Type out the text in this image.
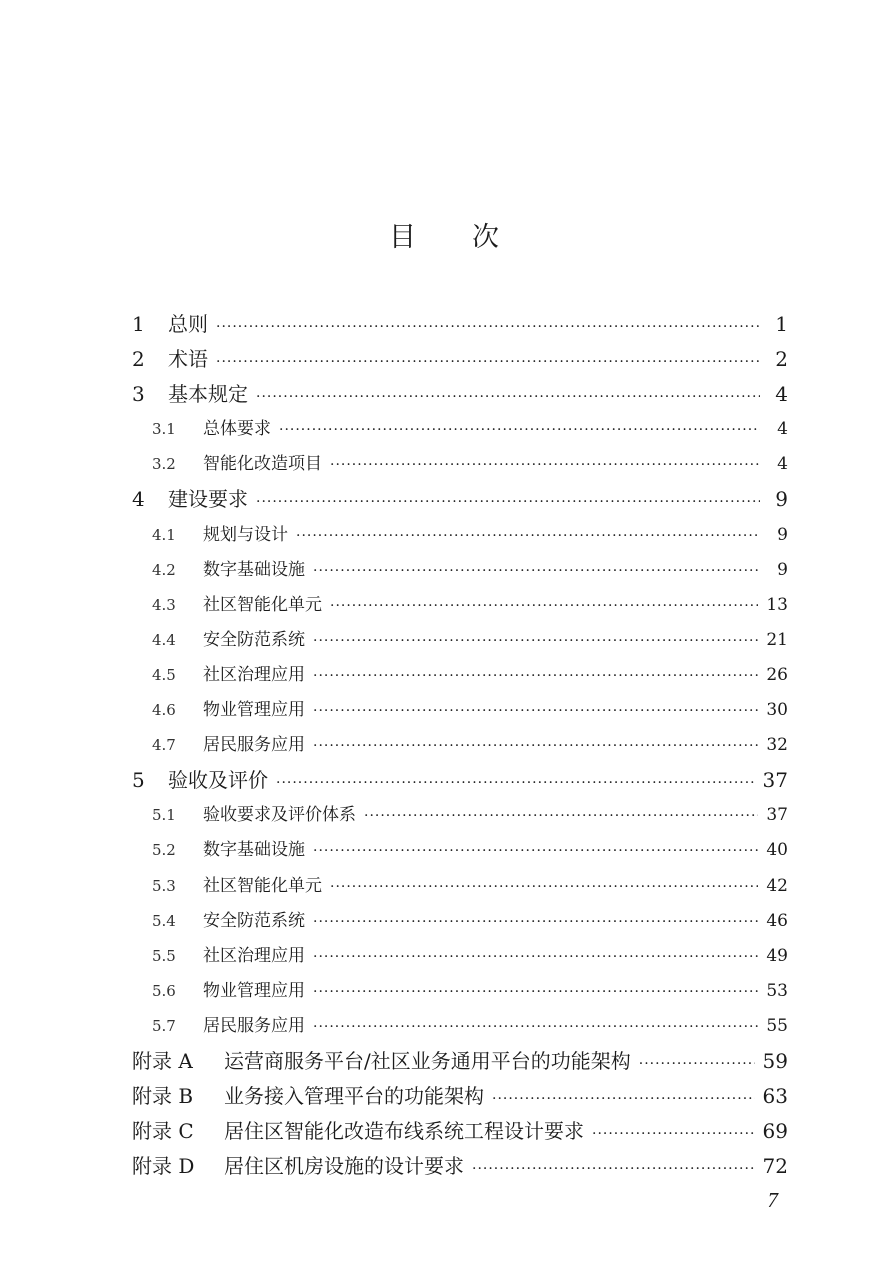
目次
1	总则 ·····	1
2	术语 ·····	2
3	基本规定 ·····	4
3.1	总体要求 ·····	4
3.2	智能化改造项目 ·····	4
4	建设要求 ·····	9
4.1	规划与设计 ·····	9
4.2	数字基础设施 ·····	9
4.3	社区智能化单元 ·····	13
4.4	安全防范系统 ·····	21
4.5	社区治理应用 ·····	26
4.6	物业管理应用 ·····	30
4.7	居民服务应用 ·····	32
5	验收及评价 ·····	37
5.1	验收要求及评价体系 ·····	37
5.2	数字基础设施 ·····	40
5.3	社区智能化单元 ·····	42
5.4	安全防范系统 ·····	46
5.5	社区治理应用 ·····	49
5.6	物业管理应用 ·····	53
5.7	居民服务应用 ·····	55
附录 A	运营商服务平台/社区业务通用平台的功能架构 ·····	59
附录 B	业务接入管理平台的功能架构 ·····	63
附录 C	居住区智能化改造布线系统工程设计要求 ·····	69
附录 D	居住区机房设施的设计要求 ·····	72
7
